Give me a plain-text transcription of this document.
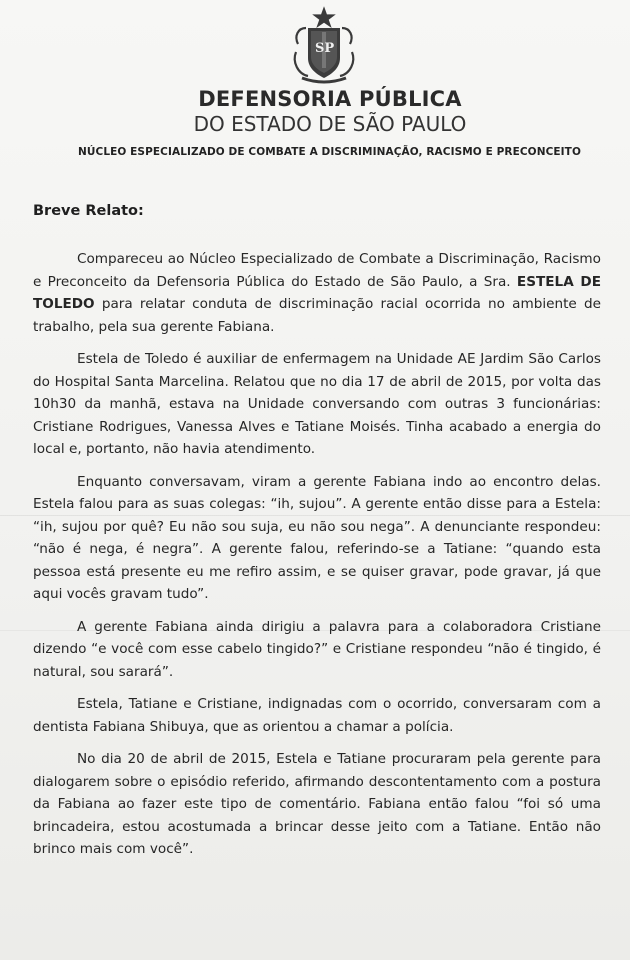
SP
DEFENSORIA PÚBLICA
DO ESTADO DE SÃO PAULO
NÚCLEO ESPECIALIZADO DE COMBATE A DISCRIMINAÇÃO, RACISMO E PRECONCEITO
Breve Relato:

Compareceu ao Núcleo Especializado de Combate a Discriminação, Racismo e Preconceito da Defensoria Pública do Estado de São Paulo, a Sra. ESTELA DE TOLEDO para relatar conduta de discriminação racial ocorrida no ambiente de trabalho, pela sua gerente Fabiana.

Estela de Toledo é auxiliar de enfermagem na Unidade AE Jardim São Carlos do Hospital Santa Marcelina. Relatou que no dia 17 de abril de 2015, por volta das 10h30 da manhã, estava na Unidade conversando com outras 3 funcionárias: Cristiane Rodrigues, Vanessa Alves e Tatiane Moisés. Tinha acabado a energia do local e, portanto, não havia atendimento.

Enquanto conversavam, viram a gerente Fabiana indo ao encontro delas. Estela falou para as suas colegas: “ih, sujou”. A gerente então disse para a Estela: “ih, sujou por quê? Eu não sou suja, eu não sou nega”. A denunciante respondeu: “não é nega, é negra”. A gerente falou, referindo-se a Tatiane: “quando esta pessoa está presente eu me refiro assim, e se quiser gravar, pode gravar, já que aqui vocês gravam tudo”.

A gerente Fabiana ainda dirigiu a palavra para a colaboradora Cristiane dizendo “e você com esse cabelo tingido?” e Cristiane respondeu “não é tingido, é natural, sou sarará”.

Estela, Tatiane e Cristiane, indignadas com o ocorrido, conversaram com a dentista Fabiana Shibuya, que as orientou a chamar a polícia.

No dia 20 de abril de 2015, Estela e Tatiane procuraram pela gerente para dialogarem sobre o episódio referido, afirmando descontentamento com a postura da Fabiana ao fazer este tipo de comentário. Fabiana então falou “foi só uma brincadeira, estou acostumada a brincar desse jeito com a Tatiane. Então não brinco mais com você”.
